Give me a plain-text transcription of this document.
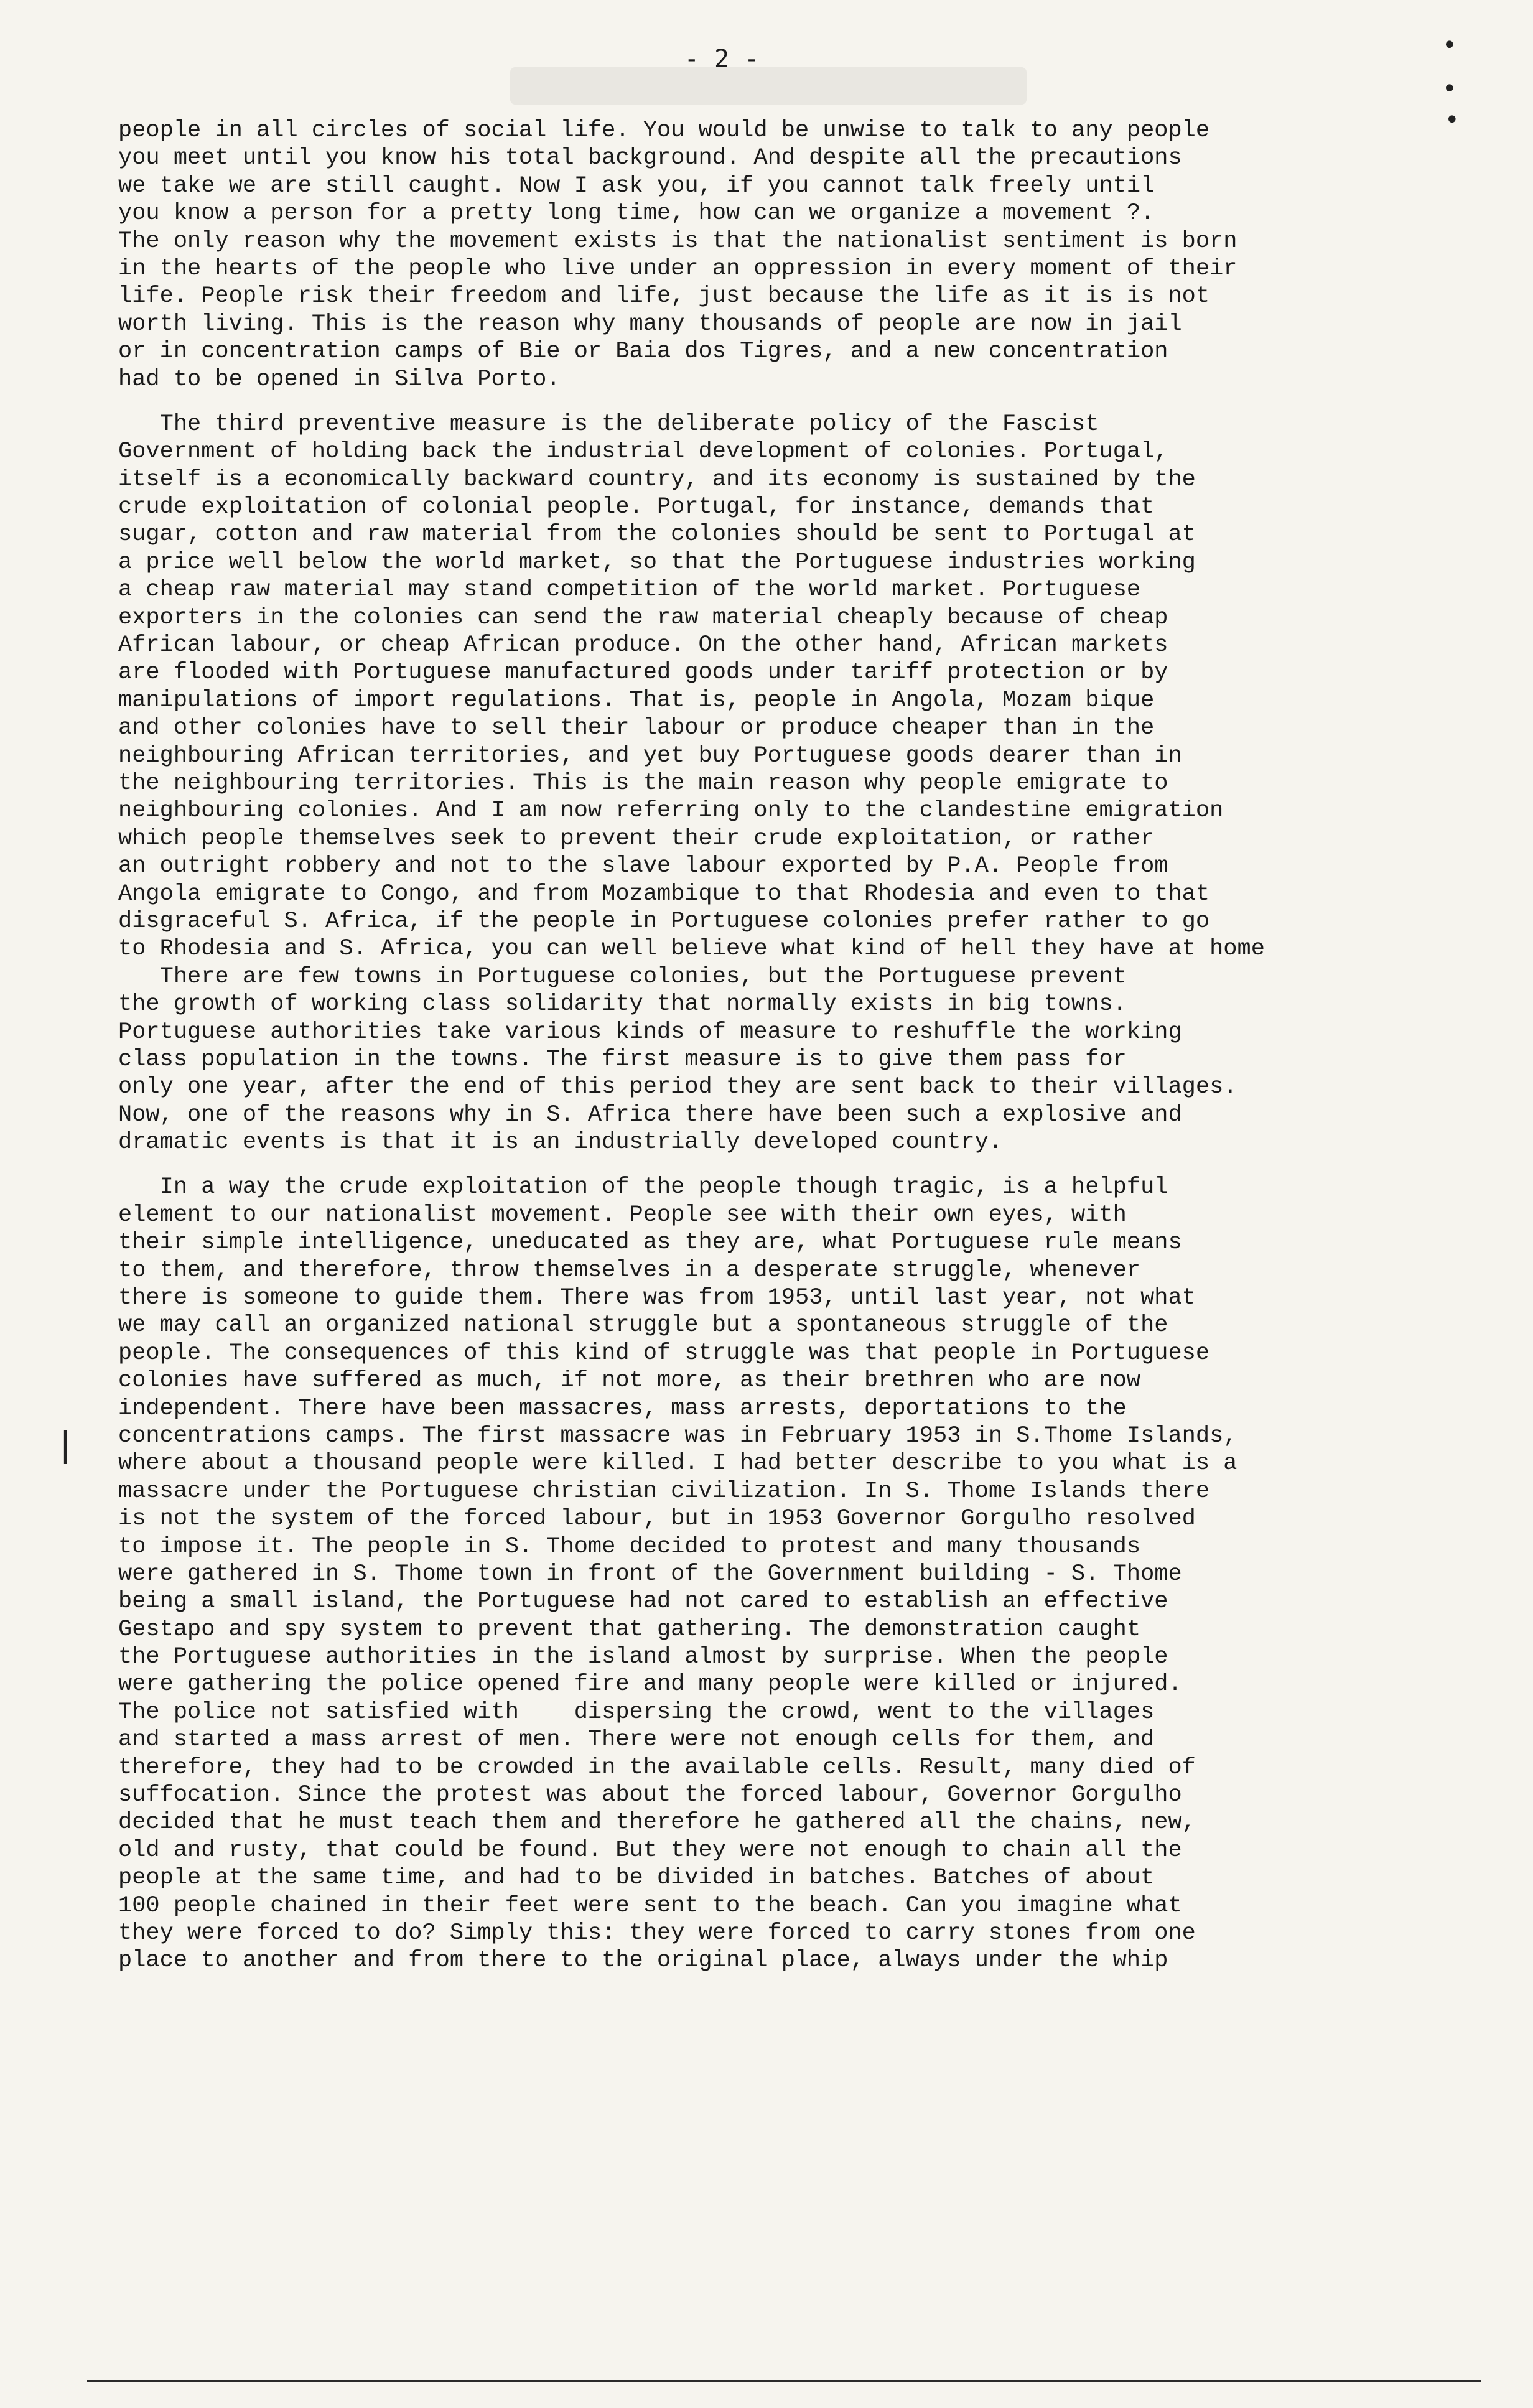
- 2 -	•
•
•
|
people in all circles of social life. You would be unwise to talk to any people
you meet until you know his total background. And despite all the precautions
we take we are still caught. Now I ask you, if you cannot talk freely until
you know a person for a pretty long time, how can we organize a movement ?.
The only reason why the movement exists is that the nationalist sentiment is born
in the hearts of the people who live under an oppression in every moment of their
life. People risk their freedom and life, just because the life as it is is not
worth living. This is the reason why many thousands of people are now in jail
or in concentration camps of Bie or Baia dos Tigres, and a new concentration
had to be opened in Silva Porto.
The third preventive measure is the deliberate policy of the Fascist
Government of holding back the industrial development of colonies. Portugal,
itself is a economically backward country, and its economy is sustained by the
crude exploitation of colonial people. Portugal, for instance, demands that
sugar, cotton and raw material from the colonies should be sent to Portugal at
a price well below the world market, so that the Portuguese industries working
a cheap raw material may stand competition of the world market. Portuguese
exporters in the colonies can send the raw material cheaply because of cheap
African labour, or cheap African produce. On the other hand, African markets
are flooded with Portuguese manufactured goods under tariff protection or by
manipulations of import regulations. That is, people in Angola, Mozam bique
and other colonies have to sell their labour or produce cheaper than in the
neighbouring African territories, and yet buy Portuguese goods dearer than in
the neighbouring territories. This is the main reason why people emigrate to
neighbouring colonies. And I am now referring only to the clandestine emigration
which people themselves seek to prevent their crude exploitation, or rather
an outright robbery and not to the slave labour exported by P.A. People from
Angola emigrate to Congo, and from Mozambique to that Rhodesia and even to that
disgraceful S. Africa, if the people in Portuguese colonies prefer rather to go
to Rhodesia and S. Africa, you can well believe what kind of hell they have at home
There are few towns in Portuguese colonies, but the Portuguese prevent
the growth of working class solidarity that normally exists in big towns.
Portuguese authorities take various kinds of measure to reshuffle the working
class population in the towns. The first measure is to give them pass for
only one year, after the end of this period they are sent back to their villages.
Now, one of the reasons why in S. Africa there have been such a explosive and
dramatic events is that it is an industrially developed country.
In a way the crude exploitation of the people though tragic, is a helpful
element to our nationalist movement. People see with their own eyes, with
their simple intelligence, uneducated as they are, what Portuguese rule means
to them, and therefore, throw themselves in a desperate struggle, whenever
there is someone to guide them. There was from 1953, until last year, not what
we may call an organized national struggle but a spontaneous struggle of the
people. The consequences of this kind of struggle was that people in Portuguese
colonies have suffered as much, if not more, as their brethren who are now
independent. There have been massacres, mass arrests, deportations to the
concentrations camps. The first massacre was in February 1953 in S.Thome Islands,
where about a thousand people were killed. I had better describe to you what is a
massacre under the Portuguese christian civilization. In S. Thome Islands there
is not the system of the forced labour, but in 1953 Governor Gorgulho resolved
to impose it. The people in S. Thome decided to protest and many thousands
were gathered in S. Thome town in front of the Government building - S. Thome
being a small island, the Portuguese had not cared to establish an effective
Gestapo and spy system to prevent that gathering. The demonstration caught
the Portuguese authorities in the island almost by surprise. When the people
were gathering the police opened fire and many people were killed or injured.
The police not satisfied with    dispersing the crowd, went to the villages
and started a mass arrest of men. There were not enough cells for them, and
therefore, they had to be crowded in the available cells. Result, many died of
suffocation. Since the protest was about the forced labour, Governor Gorgulho
decided that he must teach them and therefore he gathered all the chains, new,
old and rusty, that could be found. But they were not enough to chain all the
people at the same time, and had to be divided in batches. Batches of about
100 people chained in their feet were sent to the beach. Can you imagine what
they were forced to do? Simply this: they were forced to carry stones from one
place to another and from there to the original place, always under the whip
